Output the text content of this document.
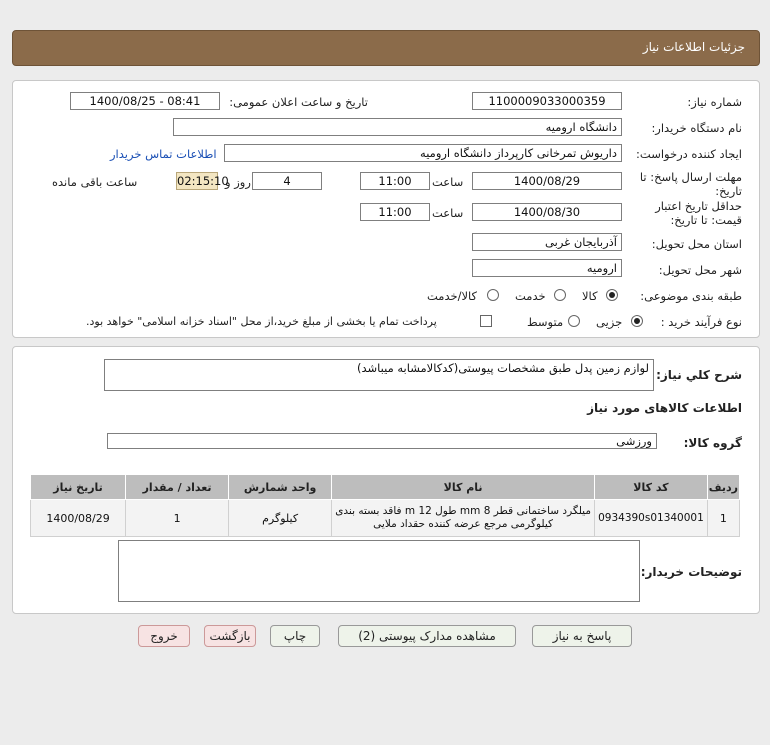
جزئیات اطلاعات نیاز
شماره نیاز:
1100009033000359
تاریخ و ساعت اعلان عمومی:
1400/08/25 - 08:41
نام دستگاه خریدار:
دانشگاه ارومیه
ایجاد کننده درخواست:
داریوش تمرخانی کارپرداز دانشگاه ارومیه
اطلاعات تماس خریدار
مهلت ارسال پاسخ: تا تاریخ:
1400/08/29
ساعت
11:00
4
روز و
02:15:10
ساعت باقی مانده
حداقل تاریخ اعتبار قیمت: تا تاریخ:
1400/08/30
ساعت
11:00
استان محل تحویل:
آذربایجان غربی
شهر محل تحویل:
ارومیه
طبقه بندی موضوعی:
کالا
خدمت
کالا/خدمت
نوع فرآیند خرید :
جزیی
متوسط
پرداخت تمام یا بخشی از مبلغ خرید،از محل "اسناد خزانه اسلامی" خواهد بود.
شرح كلي نياز:
لوازم زمین پدل طبق مشخصات پیوستی(کدکالامشابه میباشد)
اطلاعات کالاهای مورد نیاز
گروه کالا:
ورزشی
ردیف	کد کالا	نام کالا	واحد شمارش	تعداد / مقدار	تاریخ نیاز
1	0934390s01340001	میلگرد ساختمانی قطر mm 8 طول m 12 فاقد بسته بندی کیلوگرمی مرجع عرضه کننده حقداد ملایی	کیلوگرم	1	1400/08/29
توضیحات خریدار:
پاسخ به نیاز
مشاهده مدارک پیوستی (2)
چاپ
بازگشت
خروج
